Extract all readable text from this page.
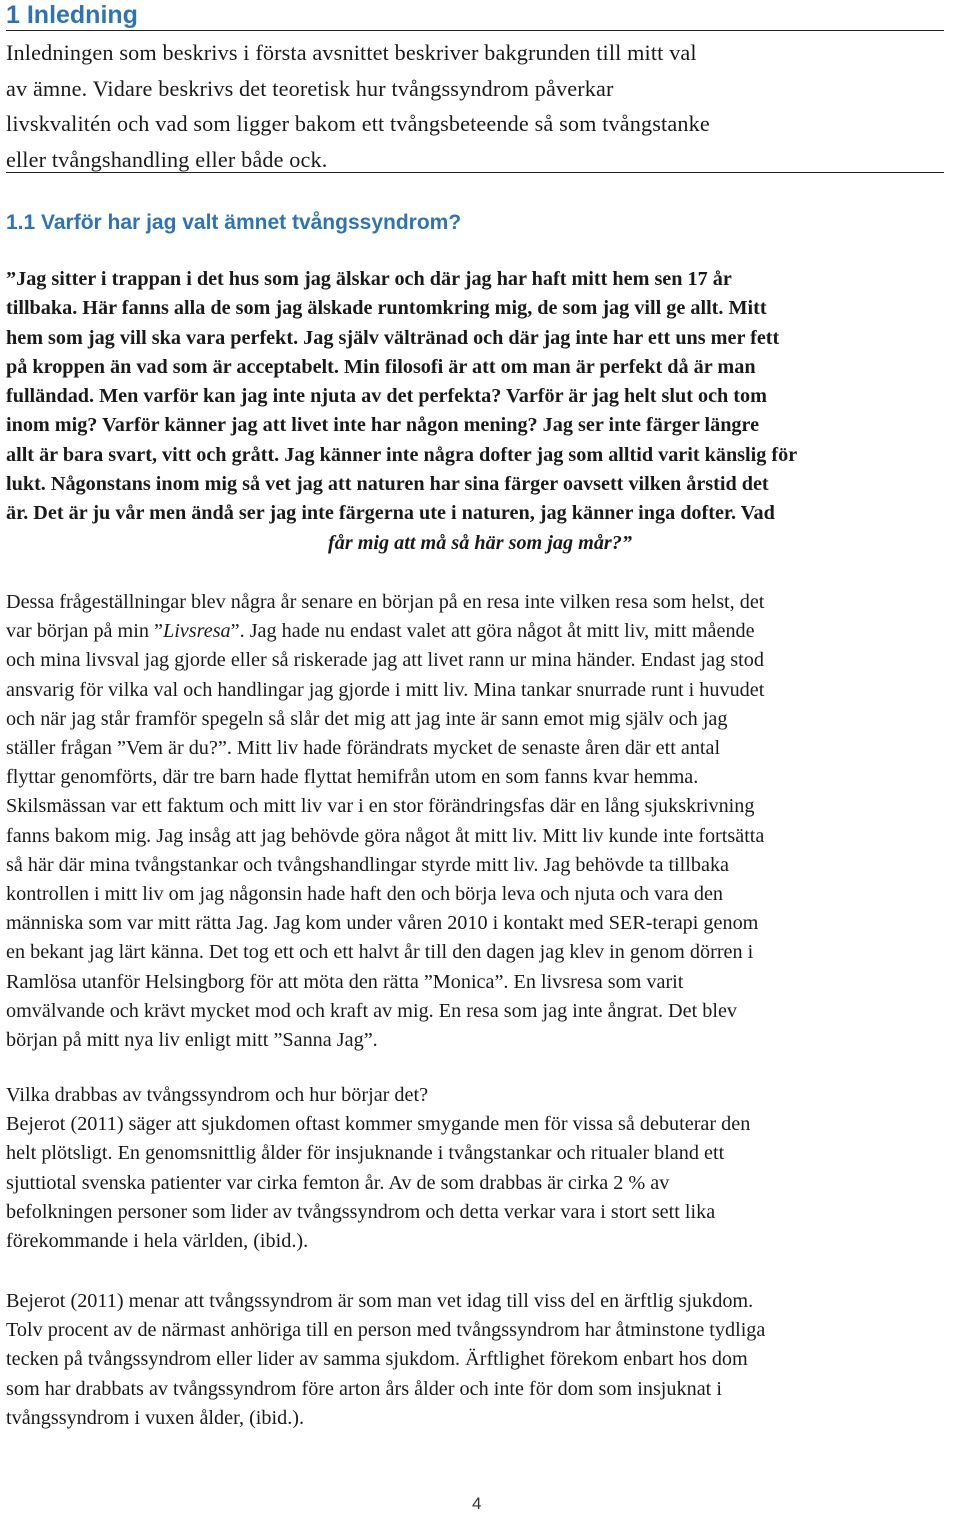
1 Inledning

Inledningen som beskrivs i första avsnittet beskriver bakgrunden till mitt val
av ämne. Vidare beskrivs det teoretisk hur tvångssyndrom påverkar
livskvalitén och vad som ligger bakom ett tvångsbeteende så som tvångstanke
eller tvångshandling eller både ock.

1.1 Varför har jag valt ämnet tvångssyndrom?

”Jag sitter i trappan i det hus som jag älskar och där jag har haft mitt hem sen 17 år
tillbaka. Här fanns alla de som jag älskade runtomkring mig, de som jag vill ge allt. Mitt
hem som jag vill ska vara perfekt. Jag själv vältränad och där jag inte har ett uns mer fett
på kroppen än vad som är acceptabelt. Min filosofi är att om man är perfekt då är man
fulländad. Men varför kan jag inte njuta av det perfekta? Varför är jag helt slut och tom
inom mig? Varför känner jag att livet inte har någon mening? Jag ser inte färger längre
allt är bara svart, vitt och grått. Jag känner inte några dofter jag som alltid varit känslig för
lukt. Någonstans inom mig så vet jag att naturen har sina färger oavsett vilken årstid det
är. Det är ju vår men ändå ser jag inte färgerna ute i naturen, jag känner inga dofter. Vad
får mig att må så här som jag mår?”

Dessa frågeställningar blev några år senare en början på en resa inte vilken resa som helst, det
var början på min ”Livsresa”. Jag hade nu endast valet att göra något åt mitt liv, mitt mående
och mina livsval jag gjorde eller så riskerade jag att livet rann ur mina händer. Endast jag stod
ansvarig för vilka val och handlingar jag gjorde i mitt liv. Mina tankar snurrade runt i huvudet
och när jag står framför spegeln så slår det mig att jag inte är sann emot mig själv och jag
ställer frågan ”Vem är du?”. Mitt liv hade förändrats mycket de senaste åren där ett antal
flyttar genomförts, där tre barn hade flyttat hemifrån utom en som fanns kvar hemma.
Skilsmässan var ett faktum och mitt liv var i en stor förändringsfas där en lång sjukskrivning
fanns bakom mig. Jag insåg att jag behövde göra något åt mitt liv. Mitt liv kunde inte fortsätta
så här där mina tvångstankar och tvångshandlingar styrde mitt liv. Jag behövde ta tillbaka
kontrollen i mitt liv om jag någonsin hade haft den och börja leva och njuta och vara den
människa som var mitt rätta Jag. Jag kom under våren 2010 i kontakt med SER-terapi genom
en bekant jag lärt känna. Det tog ett och ett halvt år till den dagen jag klev in genom dörren i
Ramlösa utanför Helsingborg för att möta den rätta ”Monica”. En livsresa som varit
omvälvande och krävt mycket mod och kraft av mig. En resa som jag inte ångrat. Det blev
början på mitt nya liv enligt mitt ”Sanna Jag”.

Vilka drabbas av tvångssyndrom och hur börjar det?
Bejerot (2011) säger att sjukdomen oftast kommer smygande men för vissa så debuterar den
helt plötsligt. En genomsnittlig ålder för insjuknande i tvångstankar och ritualer bland ett
sjuttiotal svenska patienter var cirka femton år. Av de som drabbas är cirka 2 % av
befolkningen personer som lider av tvångssyndrom och detta verkar vara i stort sett lika
förekommande i hela världen, (ibid.).

Bejerot (2011) menar att tvångssyndrom är som man vet idag till viss del en ärftlig sjukdom.
Tolv procent av de närmast anhöriga till en person med tvångssyndrom har åtminstone tydliga
tecken på tvångssyndrom eller lider av samma sjukdom. Ärftlighet förekom enbart hos dom
som har drabbats av tvångssyndrom före arton års ålder och inte för dom som insjuknat i
tvångssyndrom i vuxen ålder, (ibid.).

4
